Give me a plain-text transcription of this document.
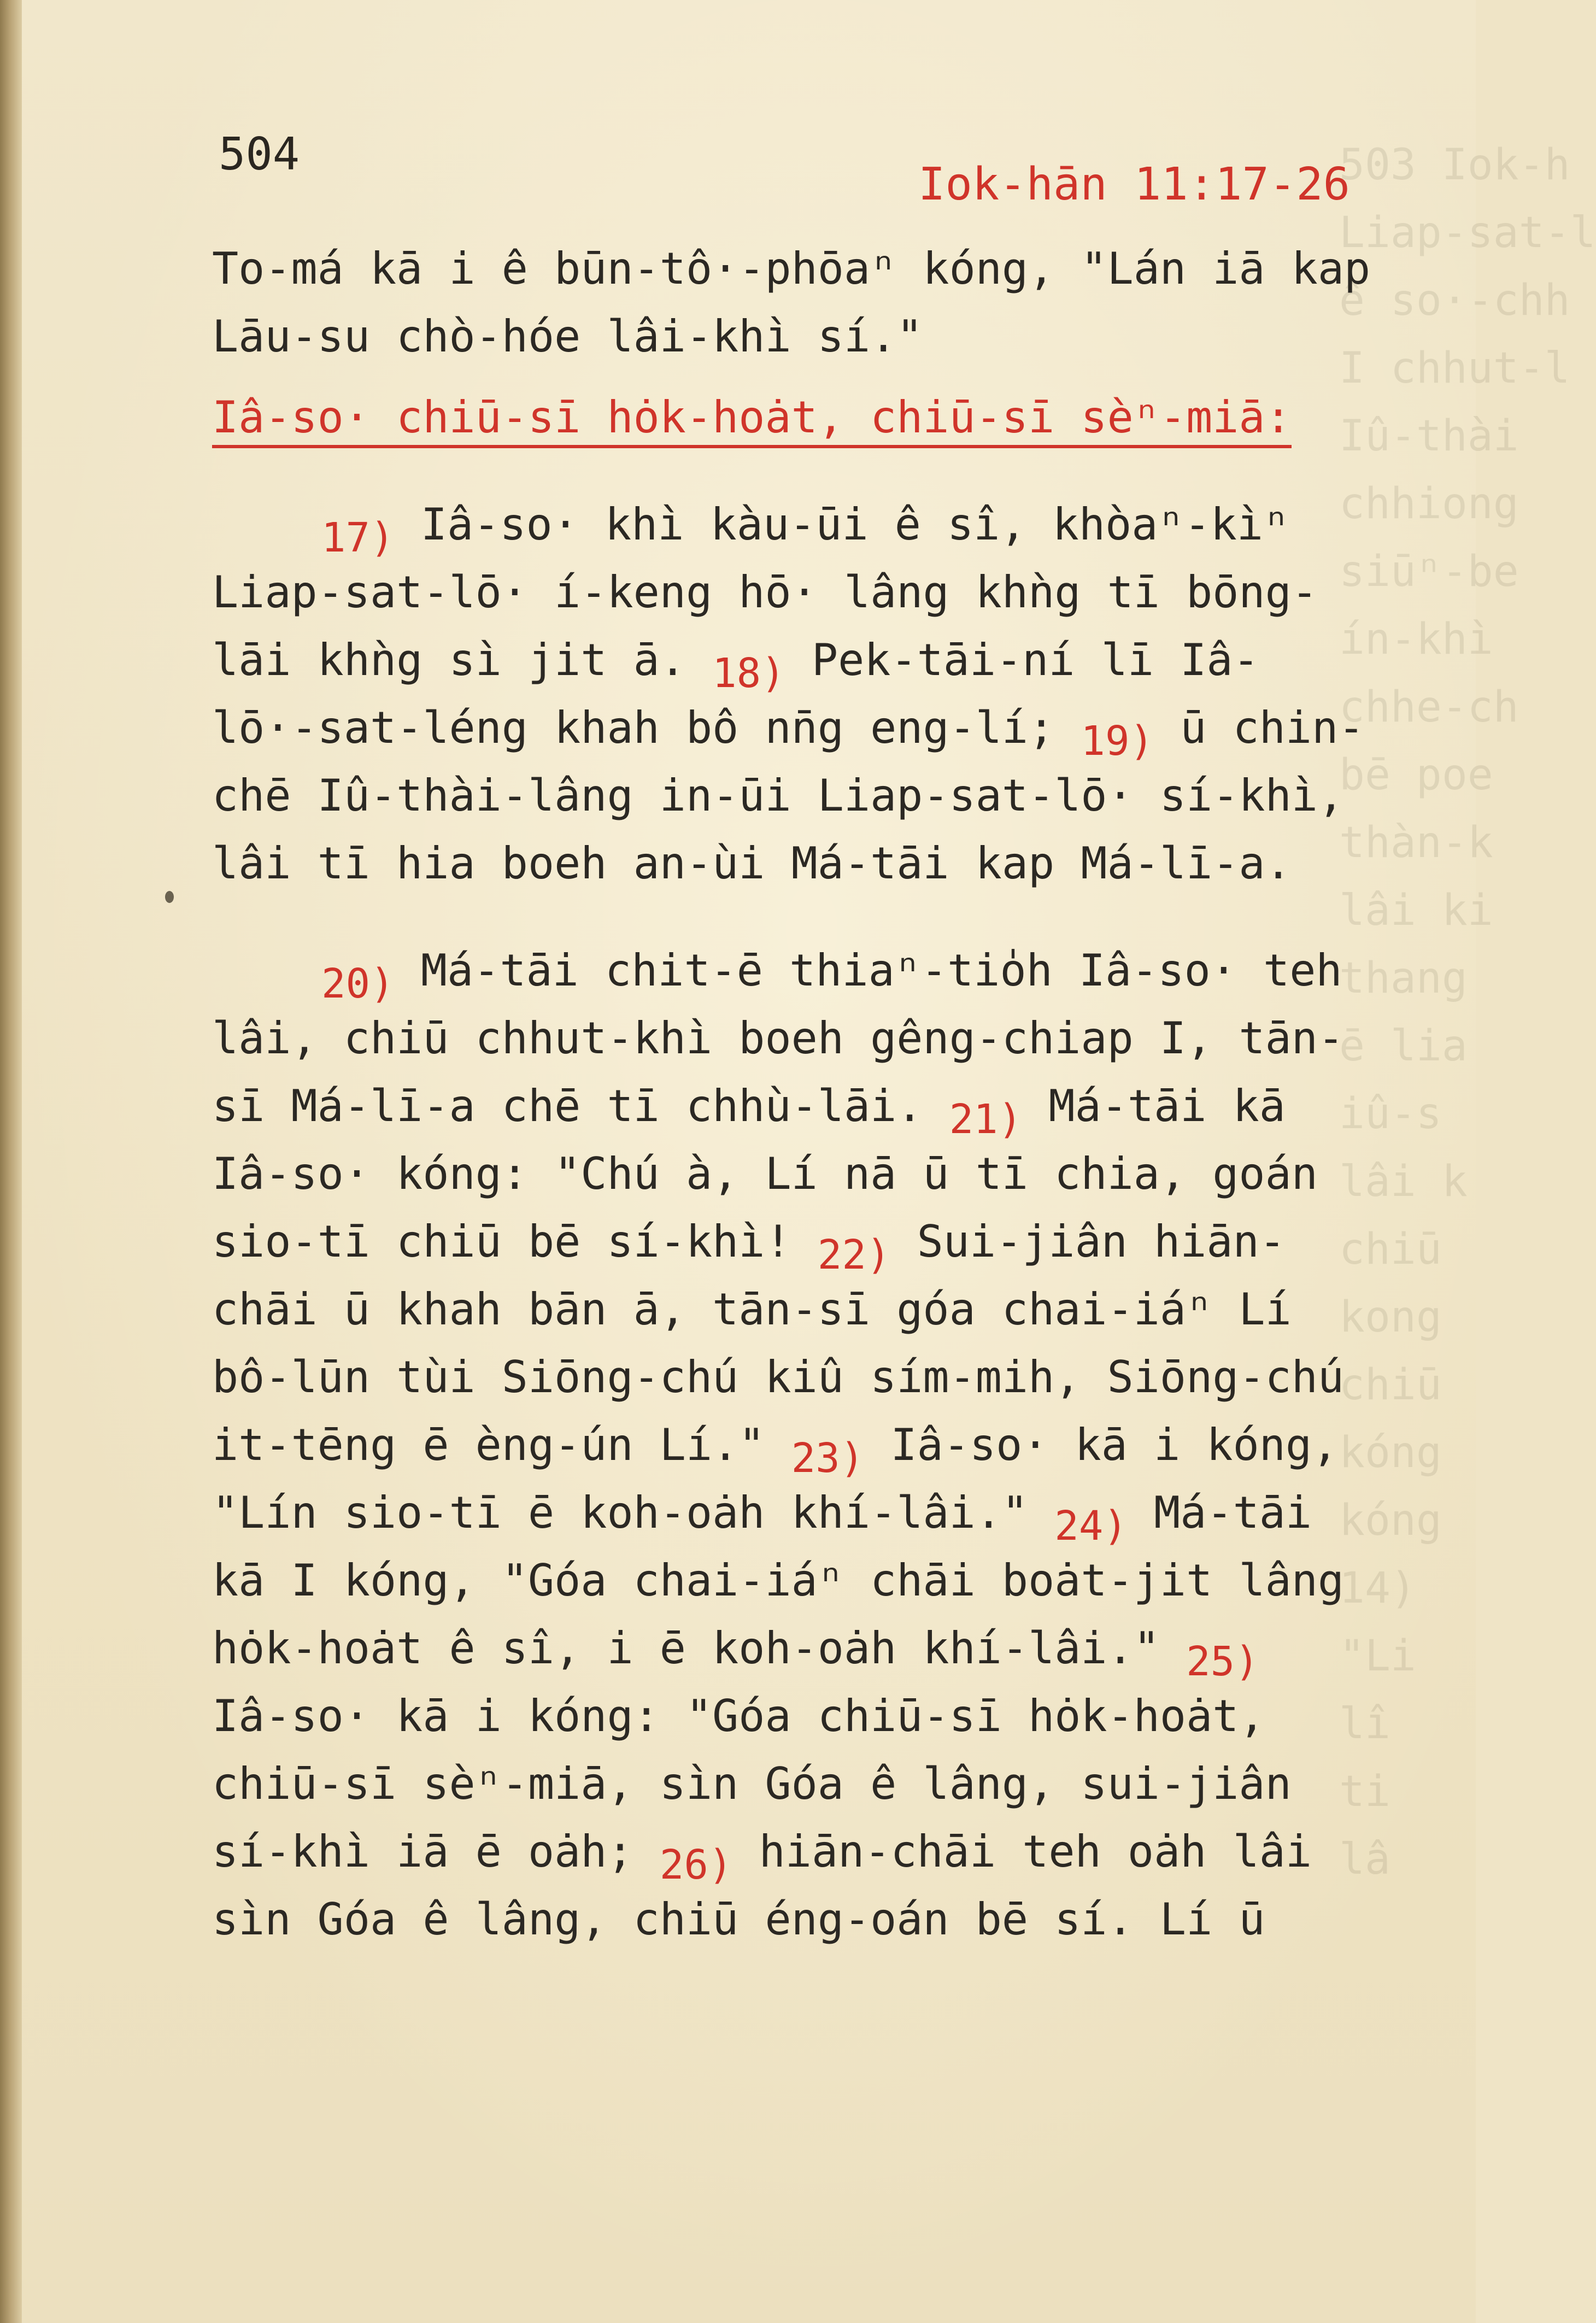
503 Iok-h
Liap-sat-l
ê so·-chh
I chhut-l
Iû-thài
chhiong
siūⁿ-be
ín-khì
chhe-ch
bē poe
thàn-k
lâi ki
thang
ē lia
iû-s
lâi k
chiū
kong
chiū
kóng
kóng
14)
"Li
lî
ti
lâ
504
Iok-hān 11:17-26
To-má kā i ê būn-tô·-phōaⁿ kóng, "Lán iā kap
Lāu-su chò-hóe lâi-khì sí."
Iâ-so· chiū-sī hȯk-hoȧt, chiū-sī sèⁿ-miā:
17) Iâ-so· khì kàu-ūi ê sî, khòaⁿ-kìⁿ
Liap-sat-lō· í-keng hō· lâng khǹg tī bōng-
lāi khǹg sì jit ā. 18) Pek-tāi-ní lī Iâ-
lō·-sat-léng khah bô nn̄g eng-lí; 19) ū chin-
chē Iû-thài-lâng in-ūi Liap-sat-lō· sí-khì,
lâi tī hia boeh an-ùi Má-tāi kap Má-lī-a.
20) Má-tāi chit-ē thiaⁿ-tio̍h Iâ-so· teh
lâi, chiū chhut-khì boeh gêng-chiap I, tān-
sī Má-lī-a chē tī chhù-lāi. 21) Má-tāi kā
Iâ-so· kóng: "Chú à, Lí nā ū tī chia, goán
sio-tī chiū bē sí-khì! 22) Sui-jiân hiān-
chāi ū khah bān ā, tān-sī góa chai-iáⁿ Lí
bô-lūn tùi Siōng-chú kiû sím-mih, Siōng-chú
it-tēng ē èng-ún Lí." 23) Iâ-so· kā i kóng,
"Lín sio-tī ē koh-oȧh khí-lâi." 24) Má-tāi
kā I kóng, "Góa chai-iáⁿ chāi boȧt-jit lâng
hȯk-hoȧt ê sî, i ē koh-oȧh khí-lâi." 25)
Iâ-so· kā i kóng: "Góa chiū-sī hȯk-hoȧt,
chiū-sī sèⁿ-miā, sìn Góa ê lâng, sui-jiân
sí-khì iā ē oȧh; 26) hiān-chāi teh oȧh lâi
sìn Góa ê lâng, chiū éng-oán bē sí. Lí ū
